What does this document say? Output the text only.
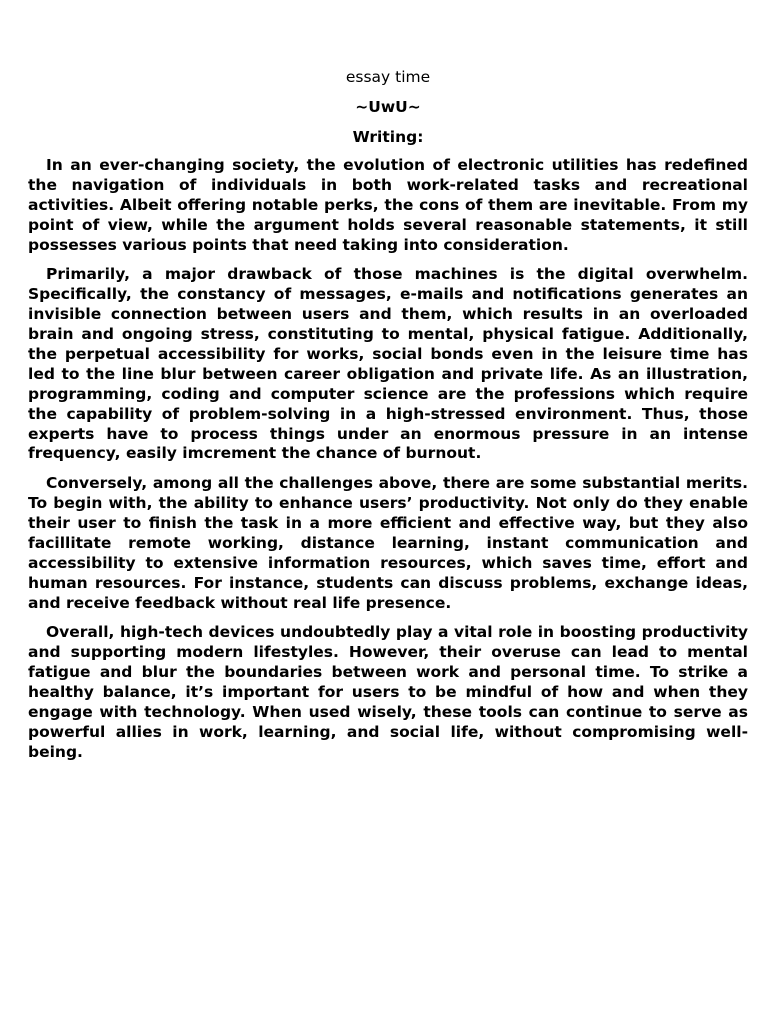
essay time
~UwU~
Writing:

In an ever-changing society, the evolution of electronic utilities has redefined the navigation of individuals in both work-related tasks and recreational activities. Albeit offering notable perks, the cons of them are inevitable. From my point of view, while the argument holds several reasonable statements, it still possesses various points that need taking into consideration.

Primarily, a major drawback of those machines is the digital overwhelm. Specifically, the constancy of messages, e-mails and notifications generates an invisible connection between users and them, which results in an overloaded brain and ongoing stress, constituting to mental, physical fatigue. Additionally, the perpetual accessibility for works, social bonds even in the leisure time has led to the line blur between career obligation and private life. As an illustration, programming, coding and computer science are the professions which require the capability of problem-solving in a high-stressed environment. Thus, those experts have to process things under an enormous pressure in an intense frequency, easily imcrement the chance of burnout.

Conversely, among all the challenges above, there are some substantial merits. To begin with, the ability to enhance users’ productivity. Not only do they enable their user to finish the task in a more efficient and effective way, but they also facillitate remote working, distance learning, instant communication and accessibility to extensive information resources, which saves time, effort and human resources. For instance, students can discuss problems, exchange ideas, and receive feedback without real life presence.

Overall, high-tech devices undoubtedly play a vital role in boosting productivity and supporting modern lifestyles. However, their overuse can lead to mental fatigue and blur the boundaries between work and personal time. To strike a healthy balance, it’s important for users to be mindful of how and when they engage with technology. When used wisely, these tools can continue to serve as powerful allies in work, learning, and social life, without compromising well-being.
